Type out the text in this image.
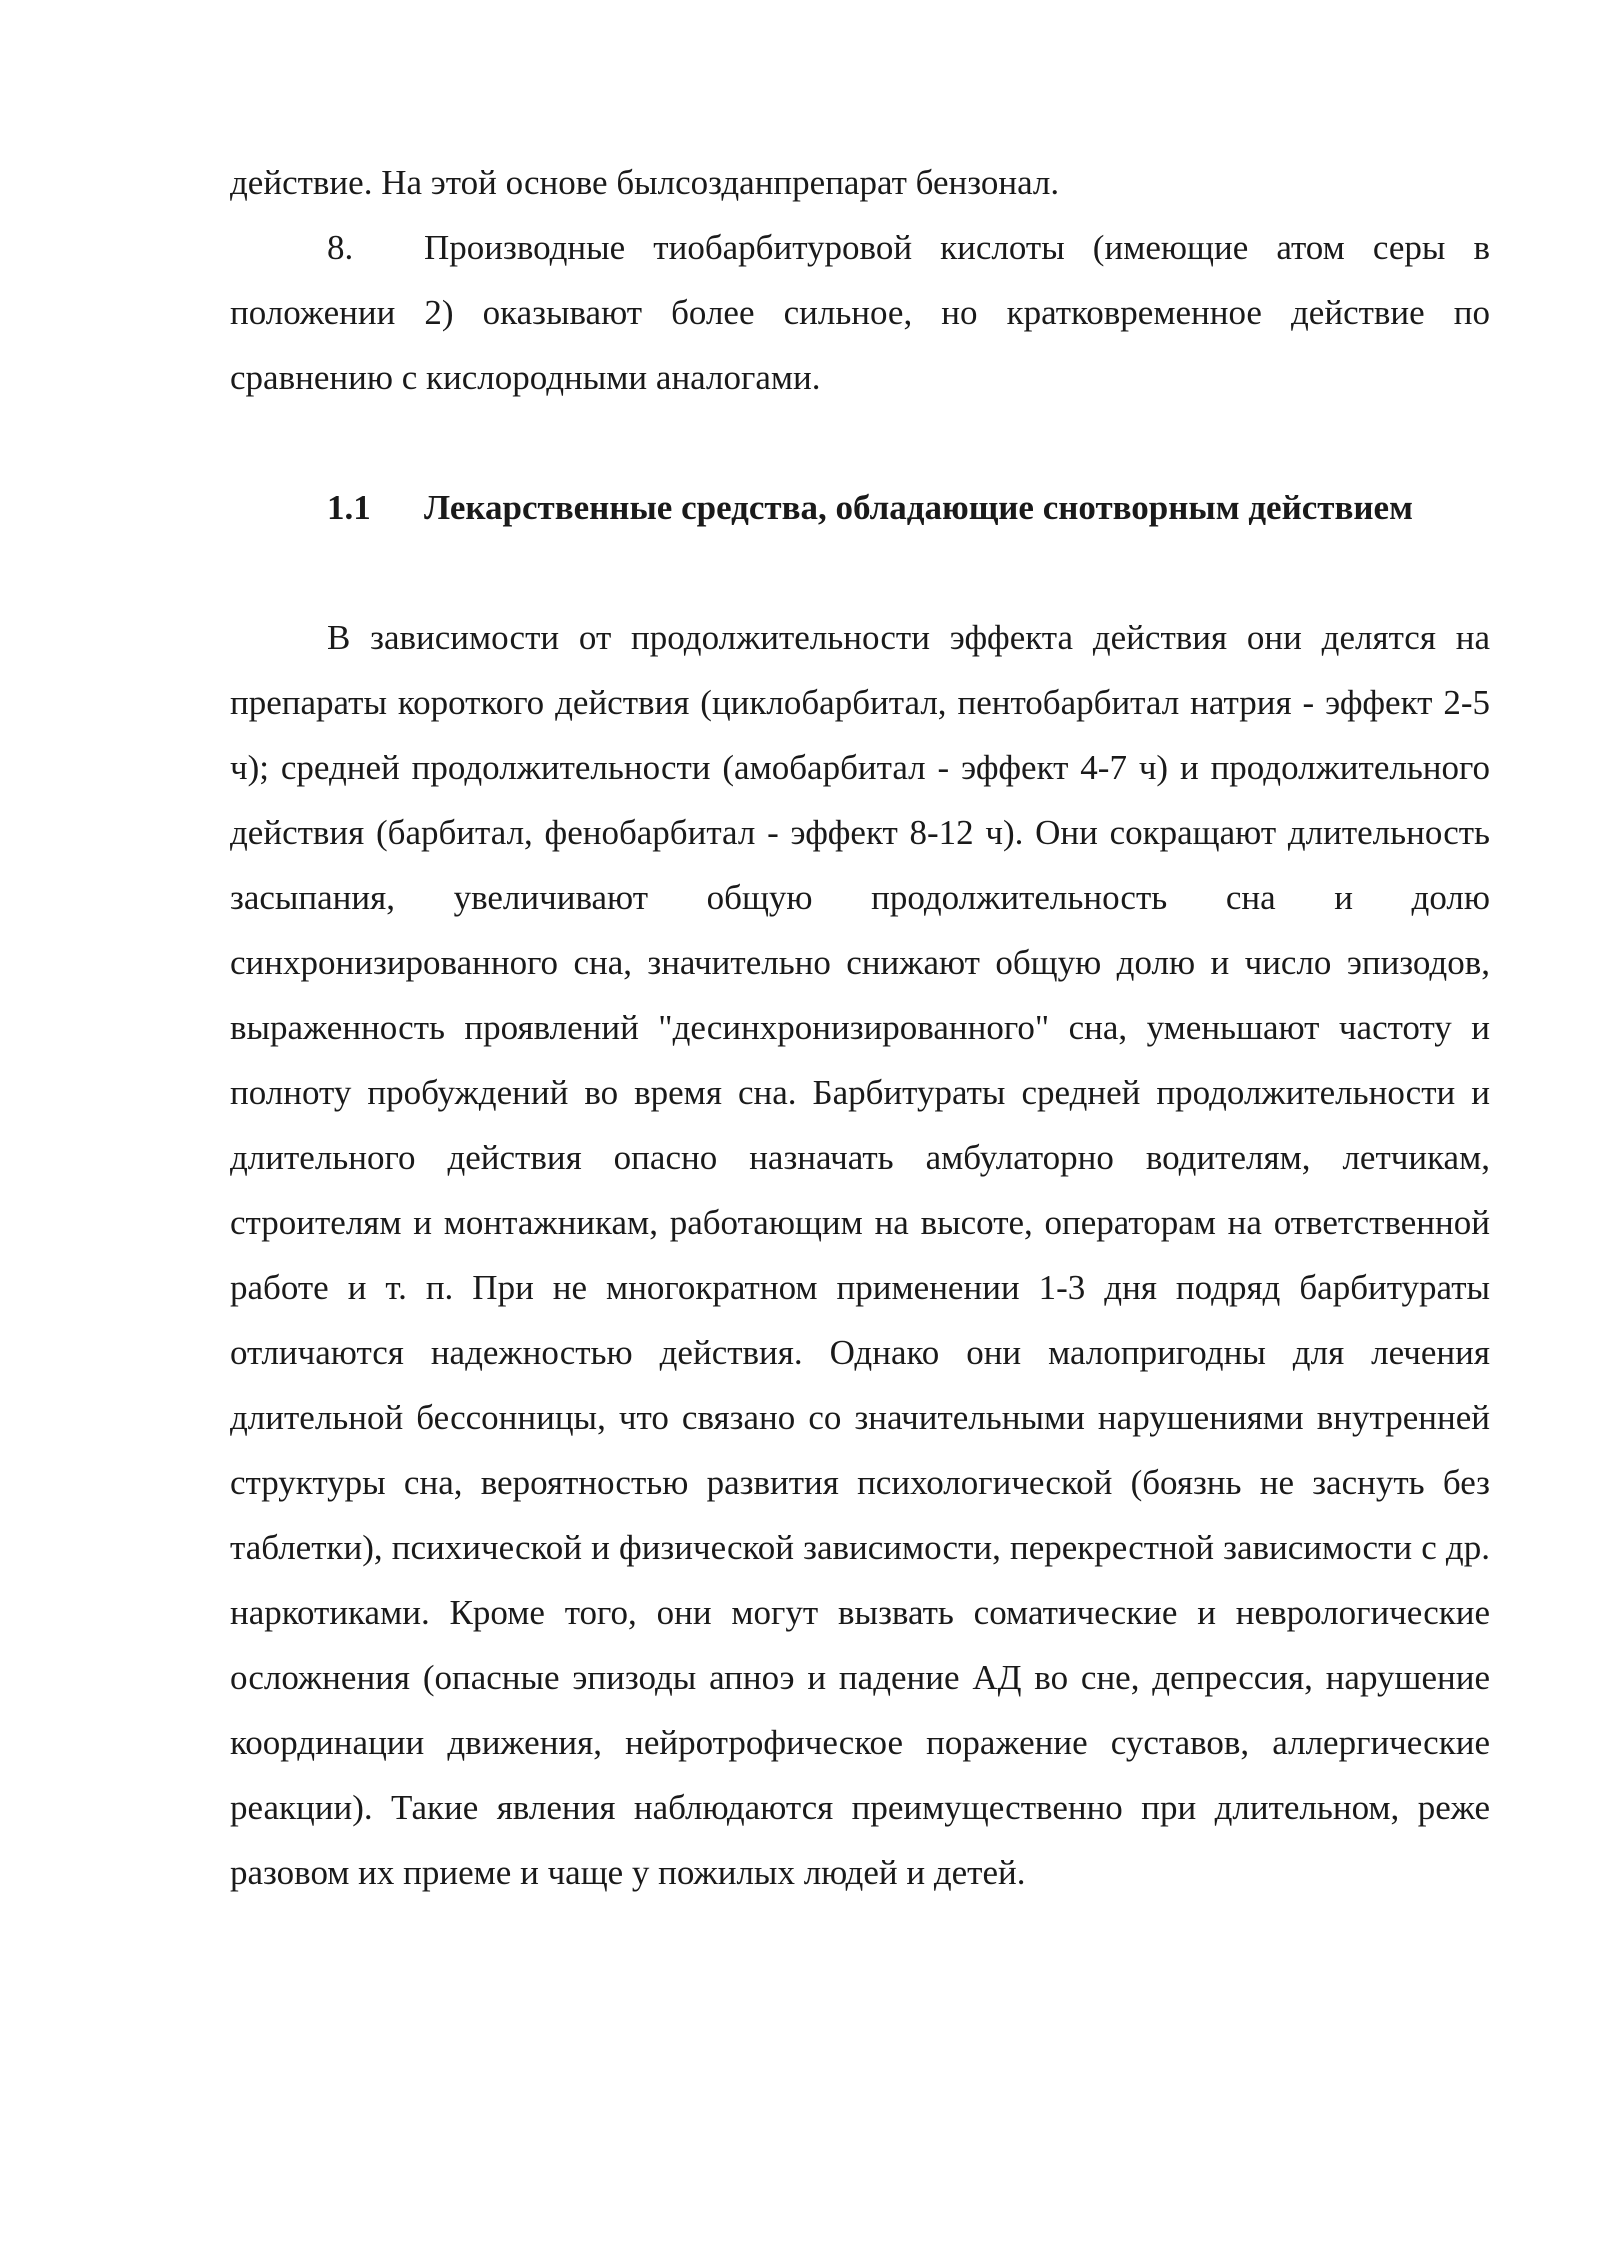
действие. На этой основе былсозданпрепарат бензонал.

8. Производные тиобарбитуровой кислоты (имеющие атом серы в положении 2) оказывают более сильное, но кратковременное действие по сравнению с кислородными аналогами.

1.1 Лекарственные средства, обладающие снотворным действием

В зависимости от продолжительности эффекта действия они делятся на препараты короткого действия (циклобарбитал, пентобарбитал натрия - эффект 2-5 ч); средней продолжительности (амобарбитал - эффект 4-7 ч) и продолжительного действия (барбитал, фенобарбитал - эффект 8-12 ч). Они сокращают длительность засыпания, увеличивают общую продолжительность сна и долю синхронизированного сна, значительно снижают общую долю и число эпизодов, выраженность проявлений "десинхронизированного" сна, уменьшают частоту и полноту пробуждений во время сна. Барбитураты средней продолжительности и длительного действия опасно назначать амбулаторно водителям, летчикам, строителям и монтажникам, работающим на высоте, операторам на ответственной работе и т. п. При не многократном применении 1-3 дня подряд барбитураты отличаются надежностью действия. Однако они малопригодны для лечения длительной бессонницы, что связано со значительными нарушениями внутренней структуры сна, вероятностью развития психологической (боязнь не заснуть без таблетки), психической и физической зависимости, перекрестной зависимости с др. наркотиками. Кроме того, они могут вызвать соматические и неврологические осложнения (опасные эпизоды апноэ и падение АД во сне, депрессия, нарушение координации движения, нейротрофическое поражение суставов, аллергические реакции). Такие явления наблюдаются преимущественно при длительном, реже разовом их приеме и чаще у пожилых людей и детей.
